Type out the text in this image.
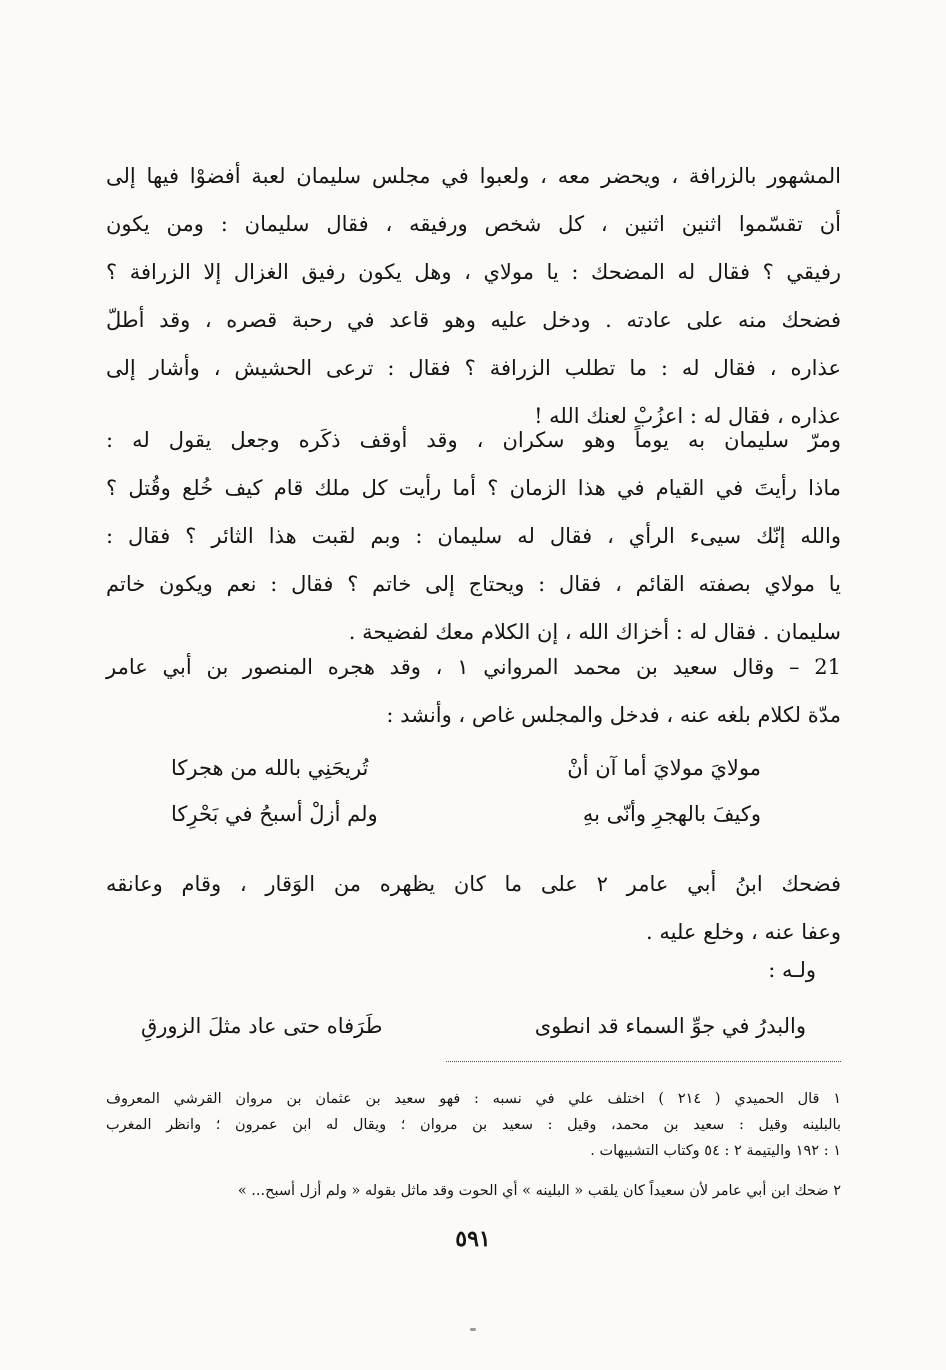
المشهور بالزرافة ، ويحضر معه ، ولعبوا في مجلس سليمان لعبة أفضوْا فيها إلى
أن تقسّموا اثنين اثنين ، كل شخص ورفيقه ، فقال سليمان : ومن يكون
رفيقي ؟ فقال له المضحك : يا مولاي ، وهل يكون رفيق الغزال إلا الزرافة ؟
فضحك منه على عادته . ودخل عليه وهو قاعد في رحبة قصره ، وقد أطلّ
عذاره ، فقال له : ما تطلب الزرافة ؟ فقال : ترعى الحشيش ، وأشار إلى
عذاره ، فقال له : اعزُبْ لعنك الله !
ومرّ سليمان به يوماً وهو سكران ، وقد أوقف ذكَره وجعل يقول له :
ماذا رأيتَ في القيام في هذا الزمان ؟ أما رأيت كل ملك قام كيف خُلع وقُتل ؟
والله إنّك سيىء الرأي ، فقال له سليمان : وبم لقبت هذا الثائر ؟ فقال :
يا مولاي بصفته القائم ، فقال : ويحتاج إلى خاتم ؟ فقال : نعم ويكون خاتم
سليمان . فقال له : أخزاك الله ، إن الكلام معك لفضيحة .
21 – وقال سعيد بن محمد المرواني ١ ، وقد هجره المنصور بن أبي عامر
مدّة لكلام بلغه عنه ، فدخل والمجلس غاص ، وأنشد :
مولايَ مولايَ أما آن أنْ
تُريحَنِي بالله من هجركا
وكيفَ بالهجرِ وأنّى بهِ
ولم أزلْ أسبحُ في بَحْرِكا
فضحك ابنُ أبي عامر ٢ على ما كان يظهره من الوَقار ، وقام وعانقه
وعفا عنه ، وخلع عليه .
ولـه :
والبدرُ في جوِّ السماء قد انطوى
طَرَفاه حتى عاد مثلَ الزورقِ
١ قال الحميدي ( ٢١٤ ) اختلف علي في نسبه : فهو سعيد بن عثمان بن مروان القرشي المعروف
بالبلينه وقيل : سعيد بن محمد، وقيل : سعيد بن مروان ؛ ويقال له ابن عمرون ؛ وانظر المغرب
١ : ١٩٢ واليتيمة ٢ : ٥٤ وكتاب التشبيهات .
٢ ضحك ابن أبي عامر لأن سعيداً كان يلقب « البلينه » أي الحوت وقد ماثل بقوله « ولم أزل أسبح... »
٥٩١
